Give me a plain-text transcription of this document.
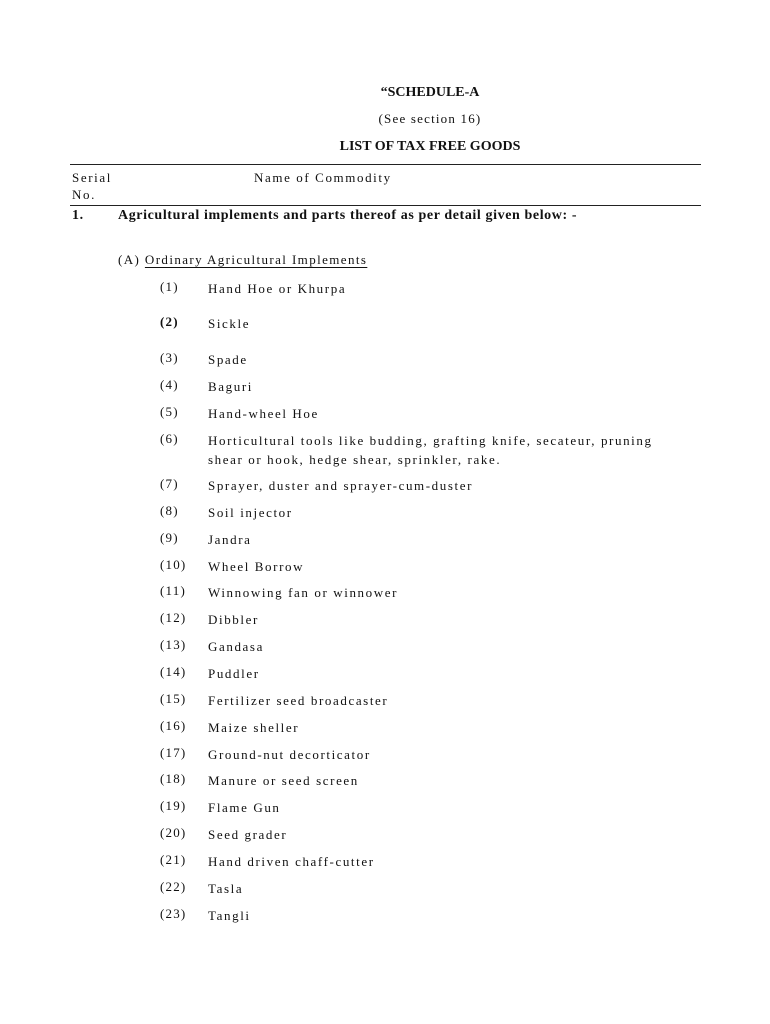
“SCHEDULE-A
(See section 16)
LIST OF TAX FREE GOODS
Serial	Name of Commodity
No.
1. Agricultural implements and parts thereof as per detail given below: -
(A) Ordinary Agricultural Implements
(1) Hand Hoe or Khurpa
(2) Sickle
(3) Spade
(4) Baguri
(5) Hand-wheel Hoe
(6) Horticultural tools like budding, grafting knife, secateur, pruning shear or hook, hedge shear, sprinkler, rake.
(7) Sprayer, duster and sprayer-cum-duster
(8) Soil injector
(9) Jandra
(10) Wheel Borrow
(11) Winnowing fan or winnower
(12) Dibbler
(13) Gandasa
(14) Puddler
(15) Fertilizer seed broadcaster
(16) Maize sheller
(17) Ground-nut decorticator
(18) Manure or seed screen
(19) Flame Gun
(20) Seed grader
(21) Hand driven chaff-cutter
(22) Tasla
(23) Tangli
